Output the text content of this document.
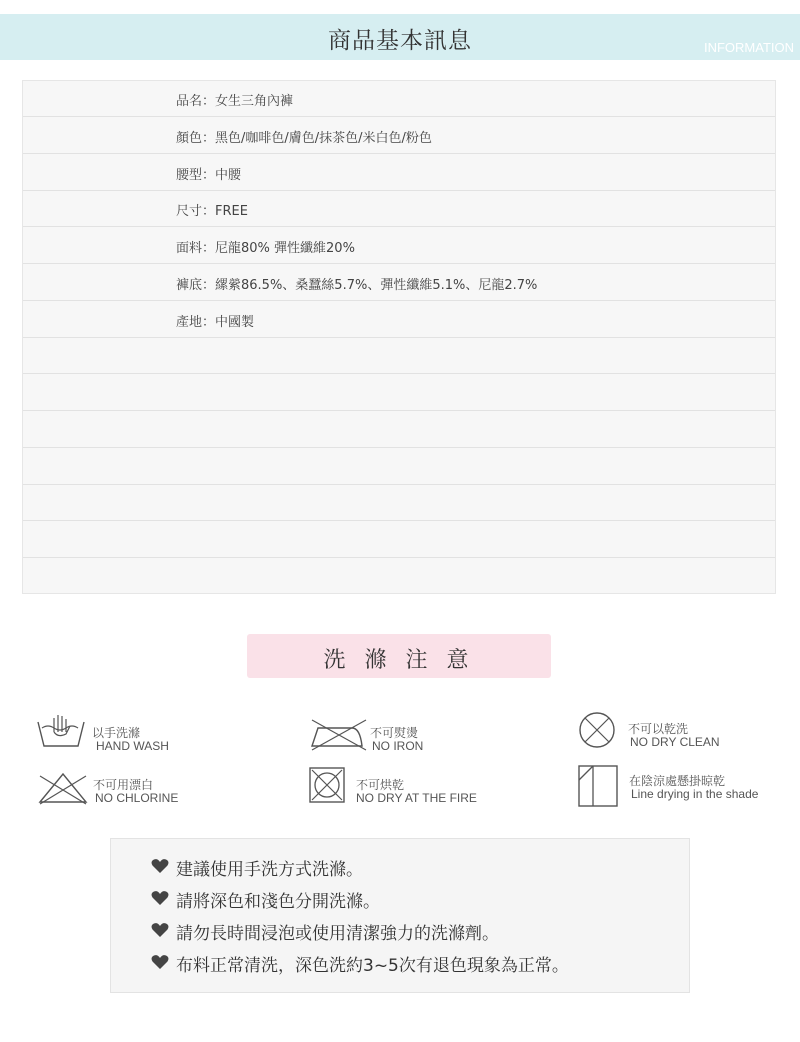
商品基本訊息	INFORMATION
品名：女生三角內褲
顏色：黑色/咖啡色/膚色/抹茶色/米白色/粉色
腰型：中腰
尺寸：FREE
面料：尼龍80% 彈性纖維20%
褲底：縲縈86.5%、桑蠶絲5.7%、彈性纖維5.1%、尼龍2.7%
產地：中國製
洗 滌 注 意
以手洗滌
HAND WASH
不可熨燙
NO IRON
不可以乾洗
NO DRY CLEAN
不可用漂白
NO CHLORINE
不可烘乾
NO DRY AT THE FIRE
在陰涼處懸掛晾乾
Line drying in the shade
建議使用手洗方式洗滌。
請將深色和淺色分開洗滌。
請勿長時間浸泡或使用清潔強力的洗滌劑。
布料正常清洗，深色洗約3~5次有退色現象為正常。
